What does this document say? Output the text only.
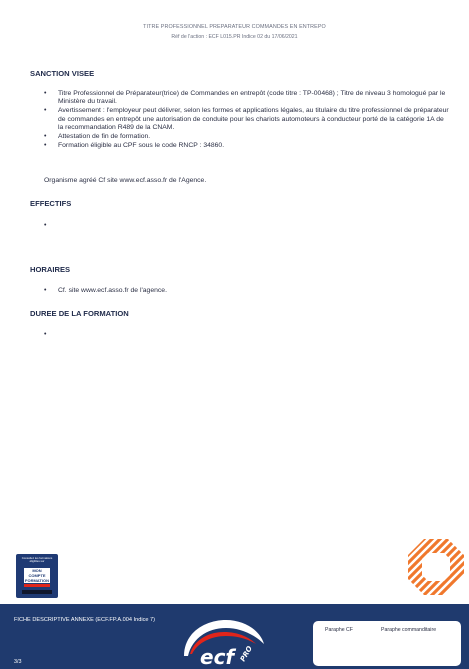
TITRE PROFESSIONNEL PREPARATEUR COMMANDES EN ENTREPO
Réf de l'action : ECF L015.PR Indice 02 du 17/06/2021
SANCTION VISEE
• Titre Professionnel de Préparateur(trice) de Commandes en entrepôt (code titre : TP-00468) ; Titre de niveau 3 homologué par le Ministère du travail.
• Avertissement : l'employeur peut délivrer, selon les formes et applications légales, au titulaire du titre professionnel de préparateur de commandes en entrepôt une autorisation de conduite pour les chariots automoteurs à conducteur porté de la catégorie 1A de la recommandation R489 de la CNAM.
• Attestation de fin de formation.
• Formation éligible au CPF sous le code RNCP : 34860.
Organisme agréé Cf site www.ecf.asso.fr de l'Agence.
EFFECTIFS
HORAIRES
• Cf. site www.ecf.asso.fr de l'agence.
DUREE DE LA FORMATION
Consultez les formations éligibles sur
MON
COMPTE
FORMATION
FICHE DESCRIPTIVE ANNEXE (ECF.FP.A.004 Indice 7)
3/3	ecf PRO
Paraphe CF	Paraphe commanditaire
